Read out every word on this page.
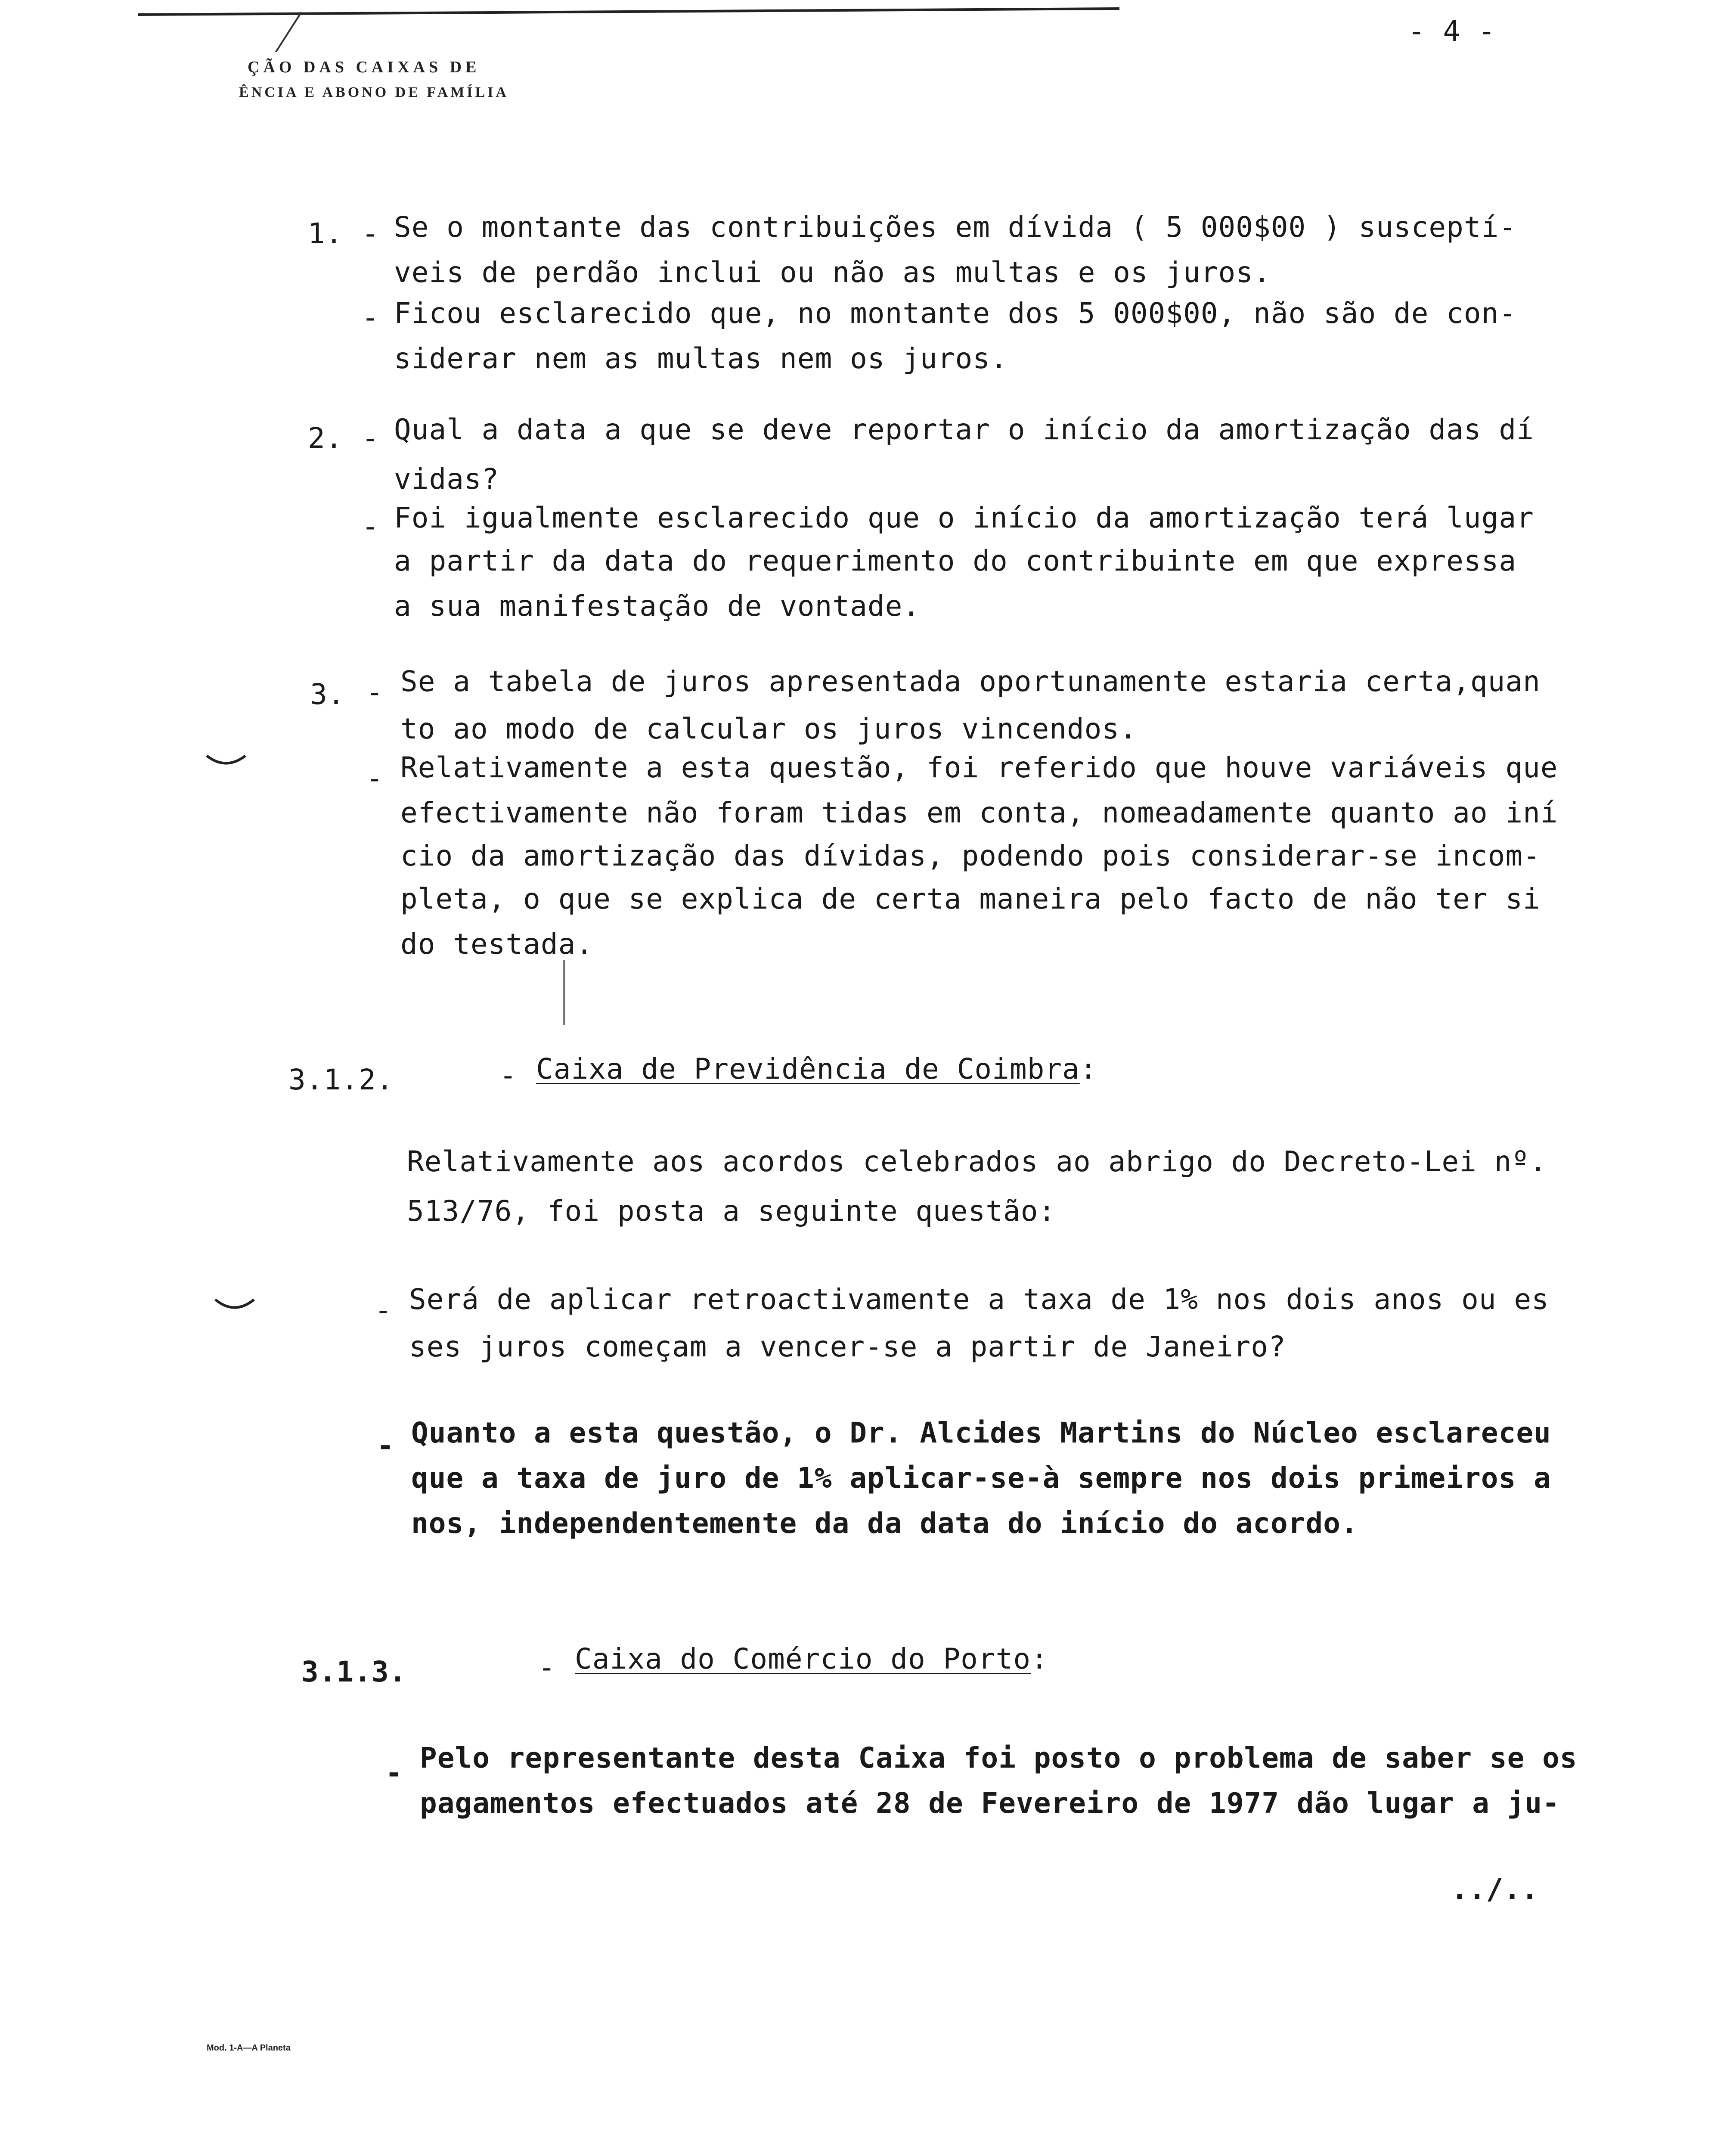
ÇÃO DAS CAIXAS DE
ÊNCIA E ABONO DE FAMÍLIA
- 4 -
1. - Se o montante das contribuições em dívida ( 5 000$00 ) susceptí-
veis de perdão inclui ou não as multas e os juros.
- Ficou esclarecido que, no montante dos 5 000$00, não são de con-
siderar nem as multas nem os juros.
2. - Qual a data a que se deve reportar o início da amortização das dí
vidas?
- Foi igualmente esclarecido que o início da amortização terá lugar
a partir da data do requerimento do contribuinte em que expressa
a sua manifestação de vontade.
3. - Se a tabela de juros apresentada oportunamente estaria certa,quan
to ao modo de calcular os juros vincendos.
- Relativamente a esta questão, foi referido que houve variáveis que
efectivamente não foram tidas em conta, nomeadamente quanto ao iní
cio da amortização das dívidas, podendo pois considerar-se incom-
pleta, o que se explica de certa maneira pelo facto de não ter si
do testada.
3.1.2.	- Caixa de Previdência de Coimbra:
Relativamente aos acordos celebrados ao abrigo do Decreto-Lei nº.
513/76, foi posta a seguinte questão:
- Será de aplicar retroactivamente a taxa de 1% nos dois anos ou es
ses juros começam a vencer-se a partir de Janeiro?
- Quanto a esta questão, o Dr. Alcides Martins do Núcleo esclareceu
que a taxa de juro de 1% aplicar-se-à sempre nos dois primeiros a
nos, independentemente da da data do início do acordo.
3.1.3.	- Caixa do Comércio do Porto:
- Pelo representante desta Caixa foi posto o problema de saber se os
pagamentos efectuados até 28 de Fevereiro de 1977 dão lugar a ju-
../..
Mod. 1-A—A Planeta
